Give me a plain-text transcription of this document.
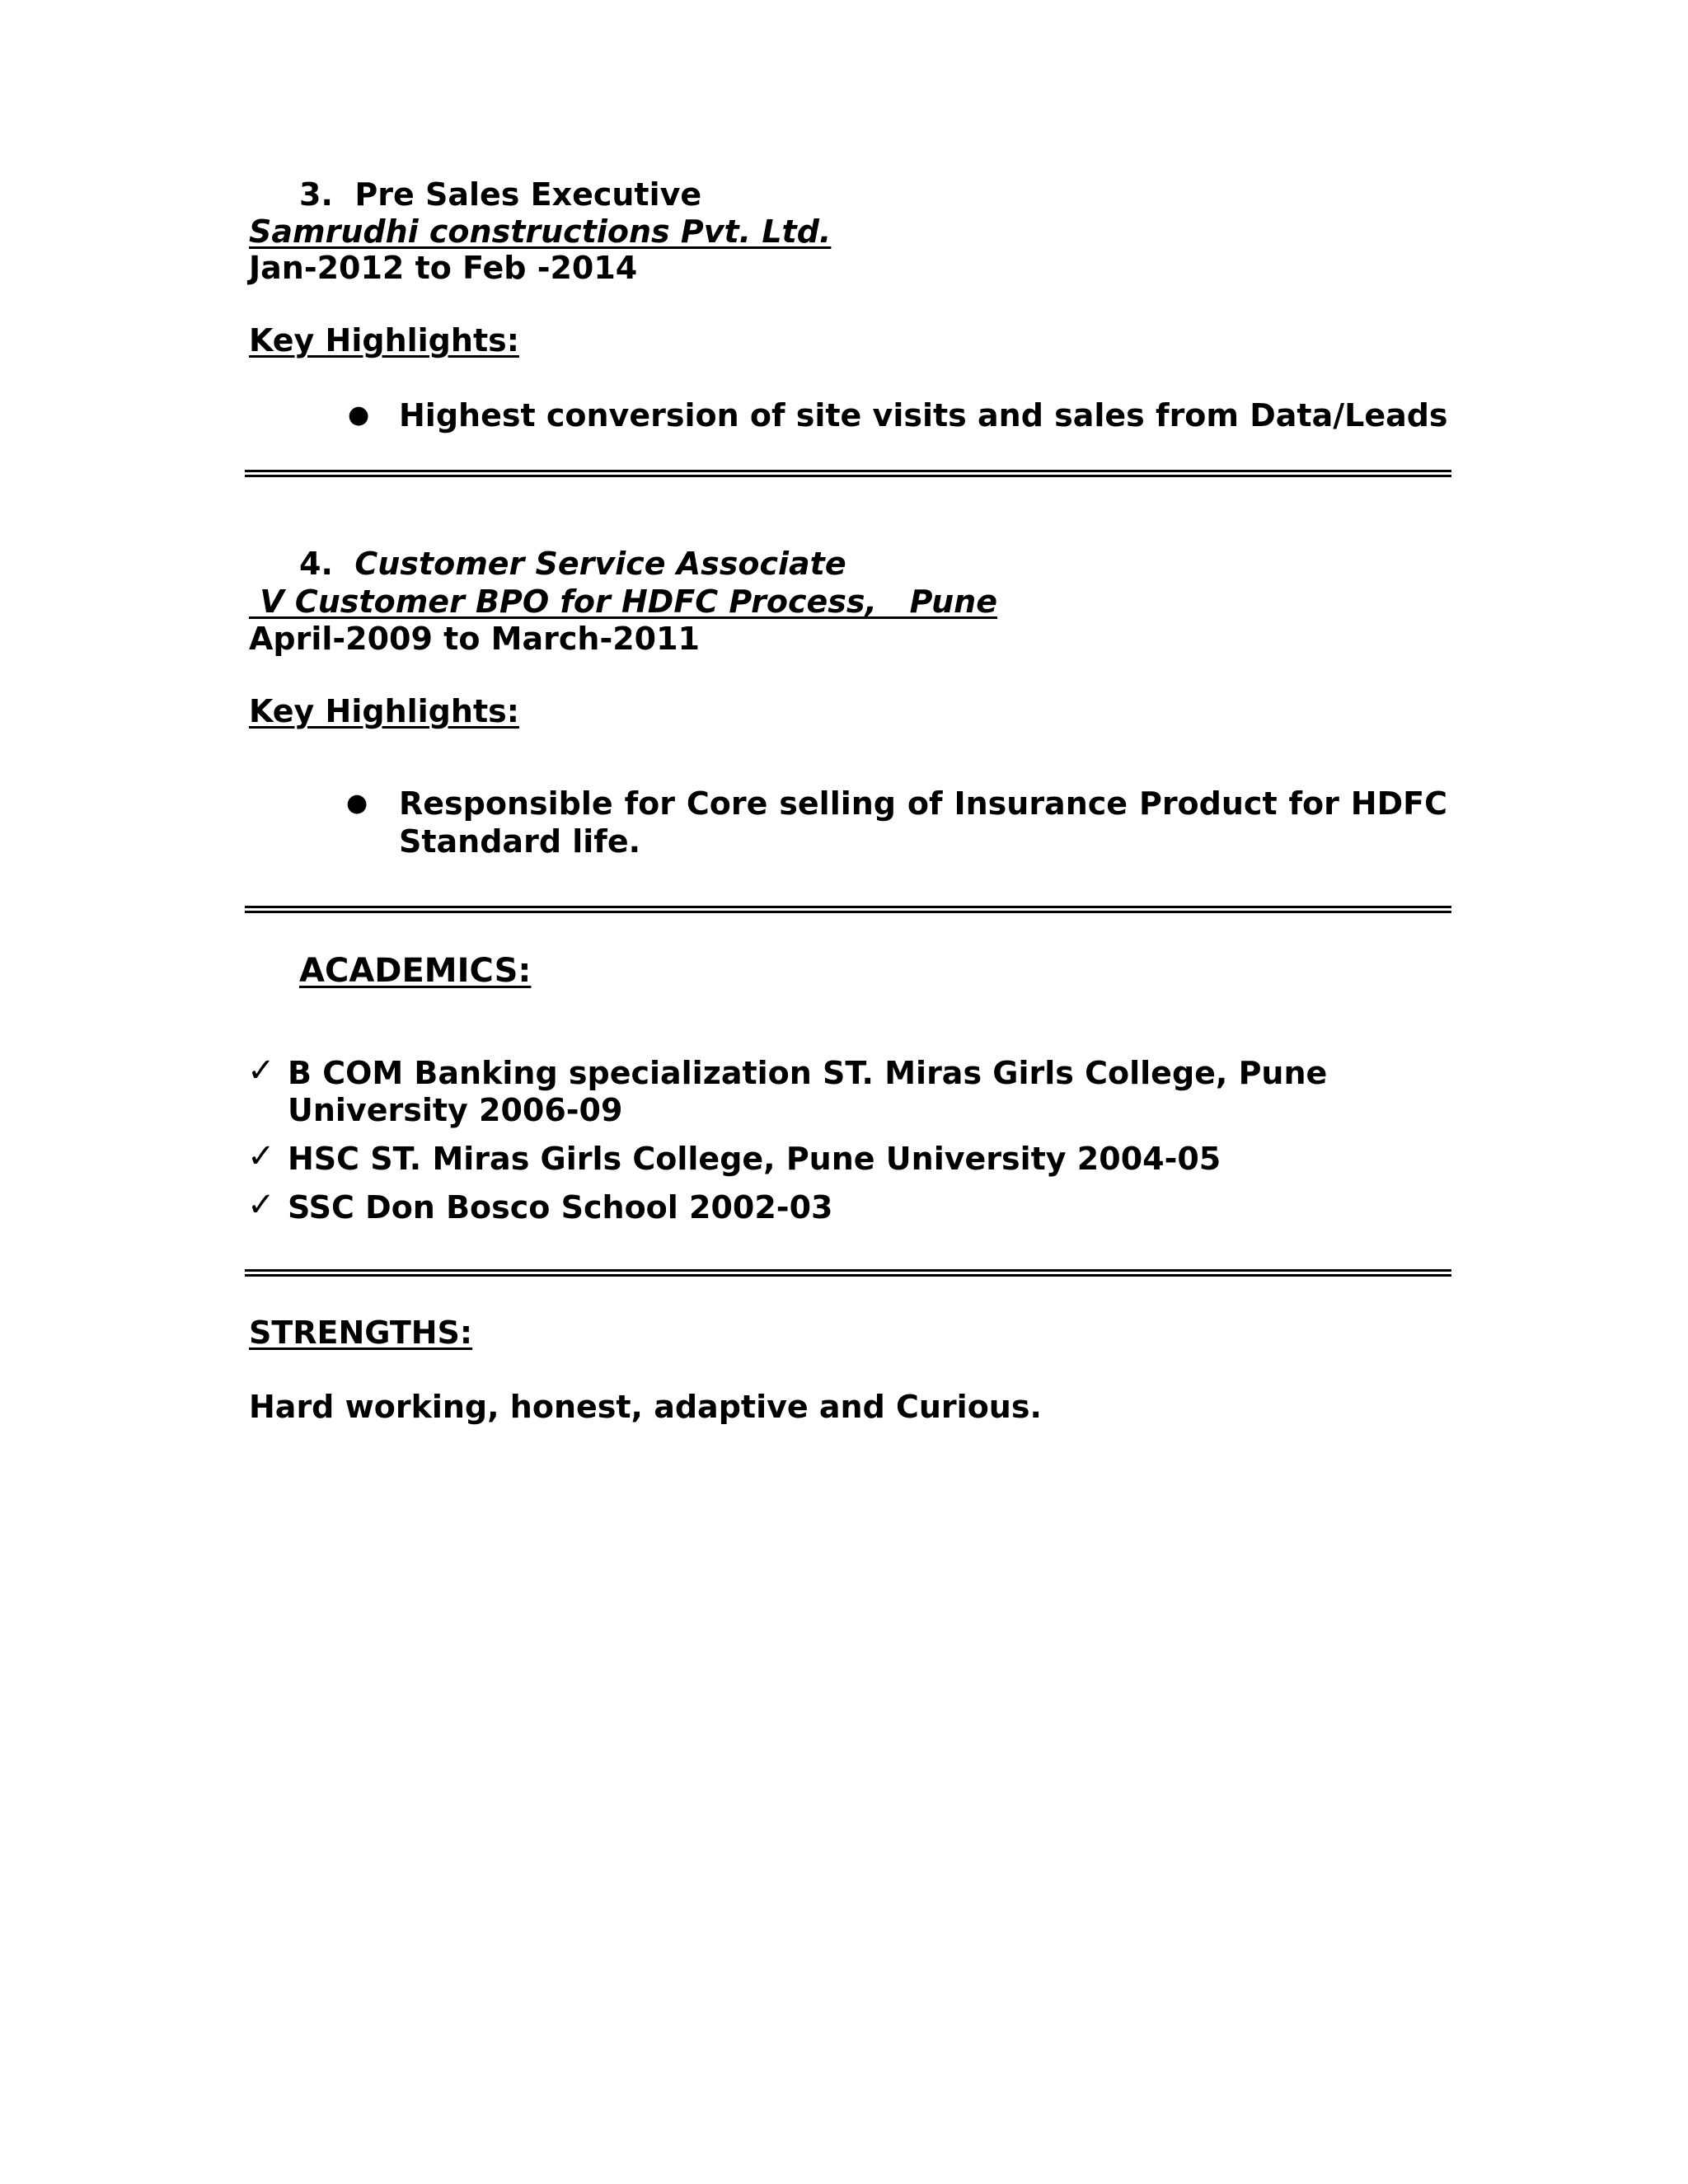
3. Pre Sales Executive
Samrudhi constructions Pvt. Ltd.
Jan-2012 to Feb -2014
Key Highlights:
● Highest conversion of site visits and sales from Data/Leads
4. Customer Service Associate
V Customer BPO for HDFC Process,   Pune
April-2009 to March-2011
Key Highlights:
● Responsible for Core selling of Insurance Product for HDFC
Standard life.
ACADEMICS:
✓ B COM Banking specialization ST. Miras Girls College, Pune
University 2006-09
✓ HSC ST. Miras Girls College, Pune University 2004-05
✓ SSC Don Bosco School 2002-03
STRENGTHS:
Hard working, honest, adaptive and Curious.
